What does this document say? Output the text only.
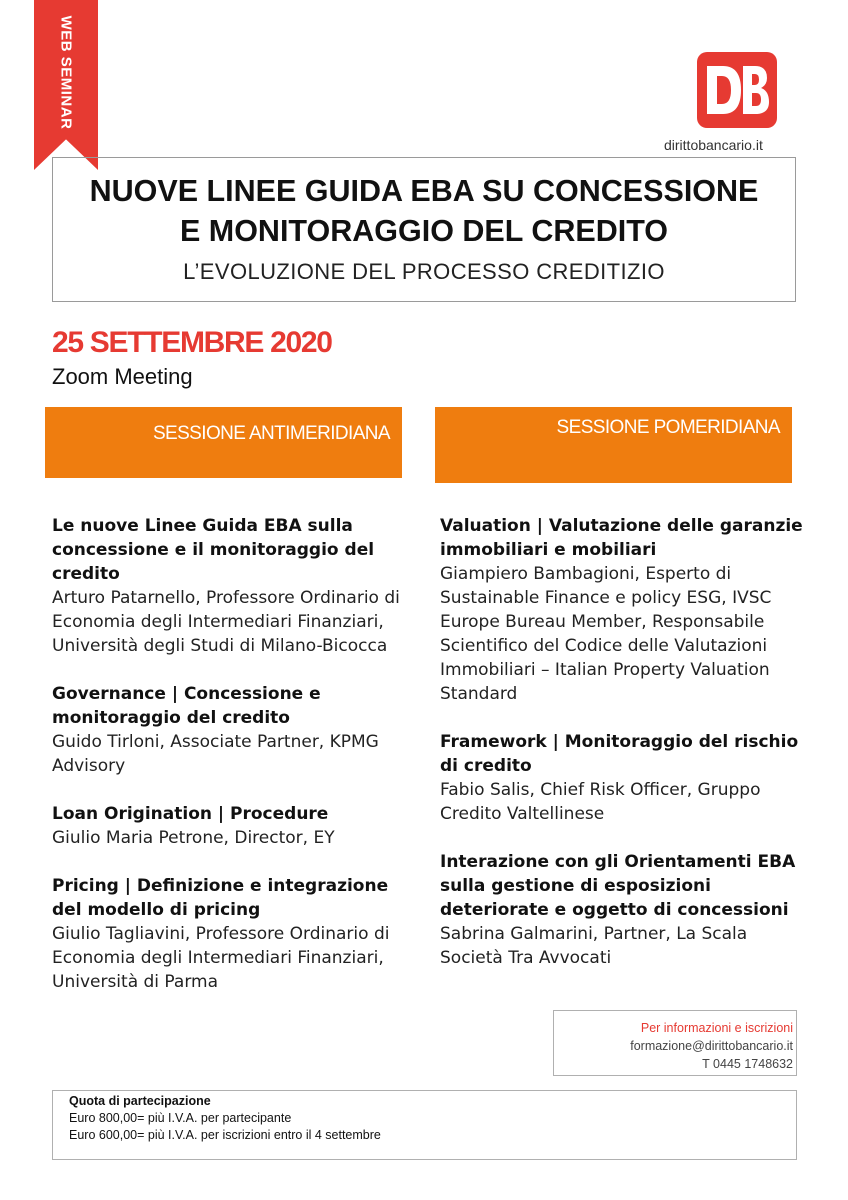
WEB SEMINAR
dirittobancario.it
NUOVE LINEE GUIDA EBA SU CONCESSIONE
E MONITORAGGIO DEL CREDITO
L’EVOLUZIONE DEL PROCESSO CREDITIZIO
25 SETTEMBRE 2020
Zoom Meeting
SESSIONE ANTIMERIDIANA	SESSIONE POMERIDIANA
Le nuove Linee Guida EBA sulla concessione e il monitoraggio del credito
Arturo Patarnello, Professore Ordinario di Economia degli Intermediari Finanziari, Università degli Studi di Milano-Bicocca
Governance | Concessione e monitoraggio del credito
Guido Tirloni, Associate Partner, KPMG Advisory
Loan Origination | Procedure
Giulio Maria Petrone, Director, EY
Pricing | Definizione e integrazione del modello di pricing
Giulio Tagliavini, Professore Ordinario di Economia degli Intermediari Finanziari, Università di Parma
Valuation | Valutazione delle garanzie immobiliari e mobiliari
Giampiero Bambagioni, Esperto di Sustainable Finance e policy ESG, IVSC Europe Bureau Member, Responsabile Scientifico del Codice delle Valutazioni Immobiliari – Italian Property Valuation Standard
Framework | Monitoraggio del rischio di credito
Fabio Salis, Chief Risk Officer, Gruppo Credito Valtellinese
Interazione con gli Orientamenti EBA sulla gestione di esposizioni deteriorate e oggetto di concessioni
Sabrina Galmarini, Partner, La Scala Società Tra Avvocati
Per informazioni e iscrizioni
formazione@dirittobancario.it
T 0445 1748632
Quota di partecipazione
Euro 800,00= più I.V.A. per partecipante
Euro 600,00= più I.V.A. per iscrizioni entro il 4 settembre
